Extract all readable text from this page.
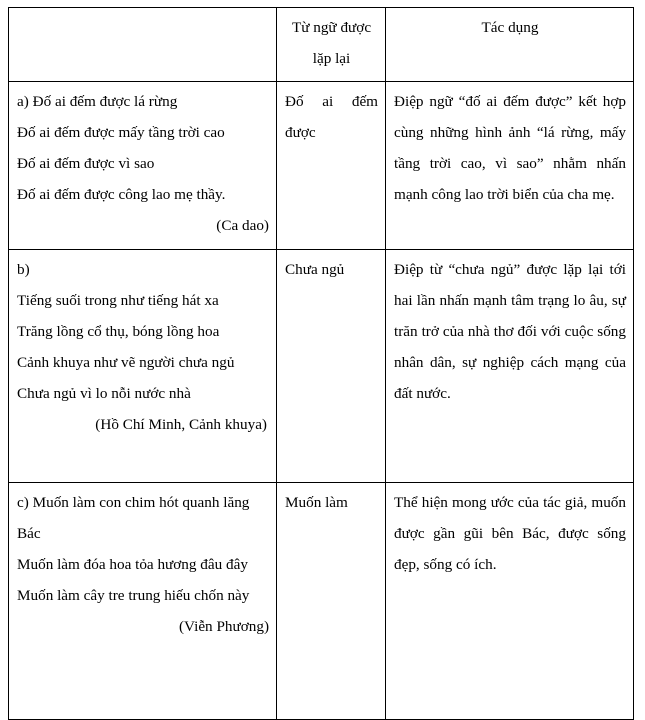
	Từ ngữ được
lặp lại	Tác dụng

a) Đố ai đếm được lá rừng
Đố ai đếm được mấy tầng trời cao
Đố ai đếm được vì sao
Đố ai đếm được công lao mẹ thầy.
(Ca dao)	Đố ai đếm được	Điệp ngữ “đố ai đếm được” kết hợp cùng những hình ảnh “lá rừng, mấy tầng trời cao, vì sao” nhằm nhấn mạnh công lao trời biển của cha mẹ.

b)
Tiếng suối trong như tiếng hát xa
Trăng lồng cổ thụ, bóng lồng hoa
Cảnh khuya như vẽ người chưa ngủ
Chưa ngủ vì lo nỗi nước nhà
(Hồ Chí Minh, Cảnh khuya)
	Chưa ngủ	Điệp từ “chưa ngủ” được lặp lại tới hai lần nhấn mạnh tâm trạng lo âu, sự trăn trở của nhà thơ đối với cuộc sống nhân dân, sự nghiệp cách mạng của đất nước.

c) Muốn làm con chim hót quanh lăng Bác
Muốn làm đóa hoa tỏa hương đâu đây
Muốn làm cây tre trung hiếu chốn này
(Viễn Phương)	Muốn làm	Thể hiện mong ước của tác giả, muốn được gần gũi bên Bác, được sống đẹp, sống có ích.
